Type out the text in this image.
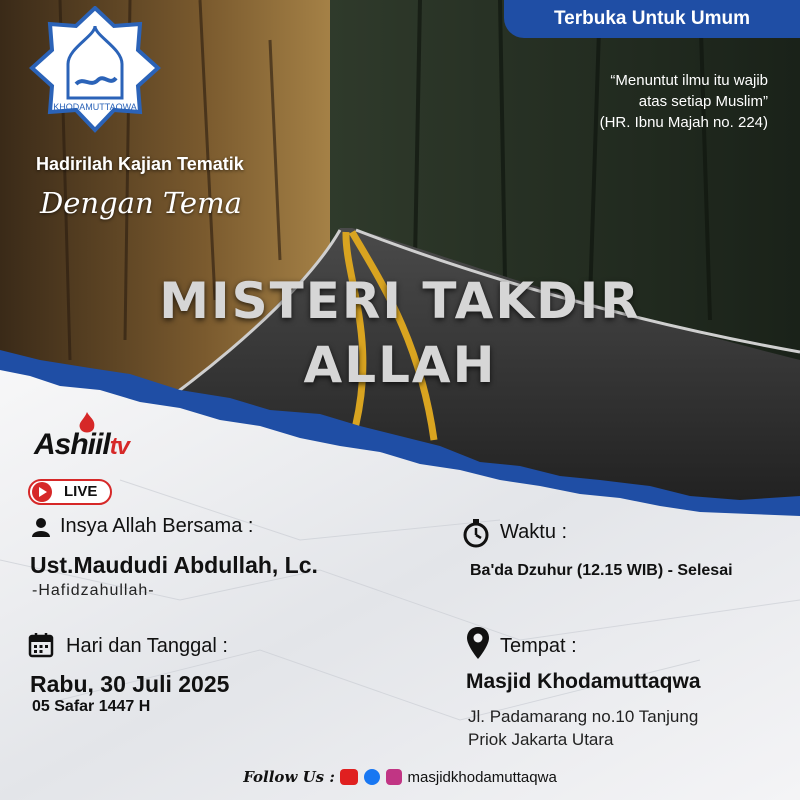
KHODAMUTTAQWA
Terbuka Untuk Umum
“Menuntut ilmu itu wajib
atas setiap Muslim”
(HR. Ibnu Majah no. 224)
Hadirilah Kajian Tematik
Dengan Tema
MISTERI TAKDIR
ALLAH
Ashiiltv
LIVE
Insya Allah Bersama :
Ust.Maududi Abdullah, Lc.
-Hafidzahullah-
Hari dan Tanggal :
Rabu, 30 Juli 2025
05 Safar 1447 H
Waktu :
Ba'da Dzuhur (12.15 WIB) - Selesai
Tempat :
Masjid Khodamuttaqwa
Jl. Padamarang no.10 Tanjung
Priok Jakarta Utara
Follow Us :	masjidkhodamuttaqwa
